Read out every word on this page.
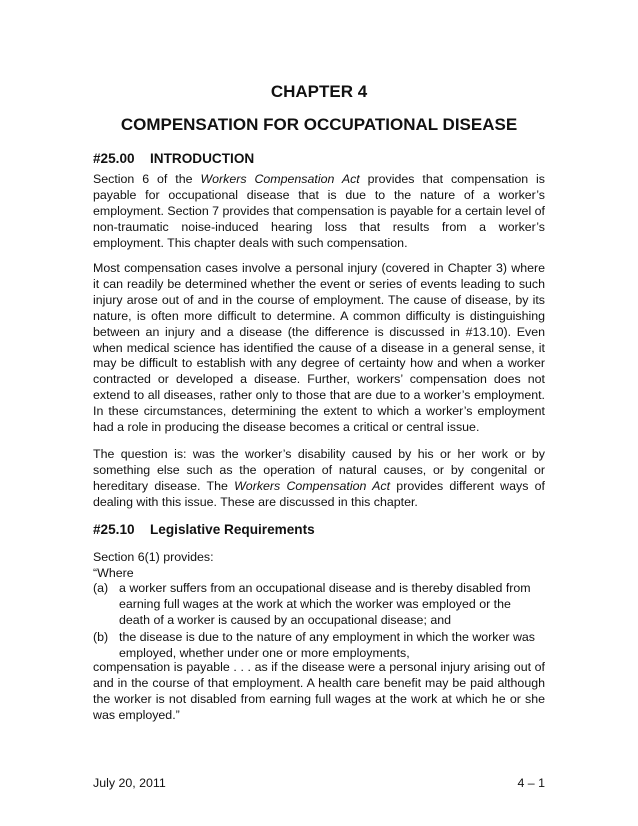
CHAPTER 4
COMPENSATION FOR OCCUPATIONAL DISEASE
#25.00 INTRODUCTION

Section 6 of the Workers Compensation Act provides that compensation is payable for occupational disease that is due to the nature of a worker’s employment. Section 7 provides that compensation is payable for a certain level of non-traumatic noise-induced hearing loss that results from a worker’s employment. This chapter deals with such compensation.

Most compensation cases involve a personal injury (covered in Chapter 3) where it can readily be determined whether the event or series of events leading to such injury arose out of and in the course of employment. The cause of disease, by its nature, is often more difficult to determine. A common difficulty is distinguishing between an injury and a disease (the difference is discussed in #13.10). Even when medical science has identified the cause of a disease in a general sense, it may be difficult to establish with any degree of certainty how and when a worker contracted or developed a disease. Further, workers’ compensation does not extend to all diseases, rather only to those that are due to a worker’s employment. In these circumstances, determining the extent to which a worker’s employment had a role in producing the disease becomes a critical or central issue.

The question is: was the worker’s disability caused by his or her work or by something else such as the operation of natural causes, or by congenital or hereditary disease. The Workers Compensation Act provides different ways of dealing with this issue. These are discussed in this chapter.

#25.10 Legislative Requirements

Section 6(1) provides:

“Where

(a) a worker suffers from an occupational disease and is thereby disabled from earning full wages at the work at which the worker was employed or the death of a worker is caused by an occupational disease; and
(b) the disease is due to the nature of any employment in which the worker was employed, whether under one or more employments,

compensation is payable . . . as if the disease were a personal injury arising out of and in the course of that employment. A health care benefit may be paid although the worker is not disabled from earning full wages at the work at which he or she was employed.”

July 20, 2011	4 – 1
